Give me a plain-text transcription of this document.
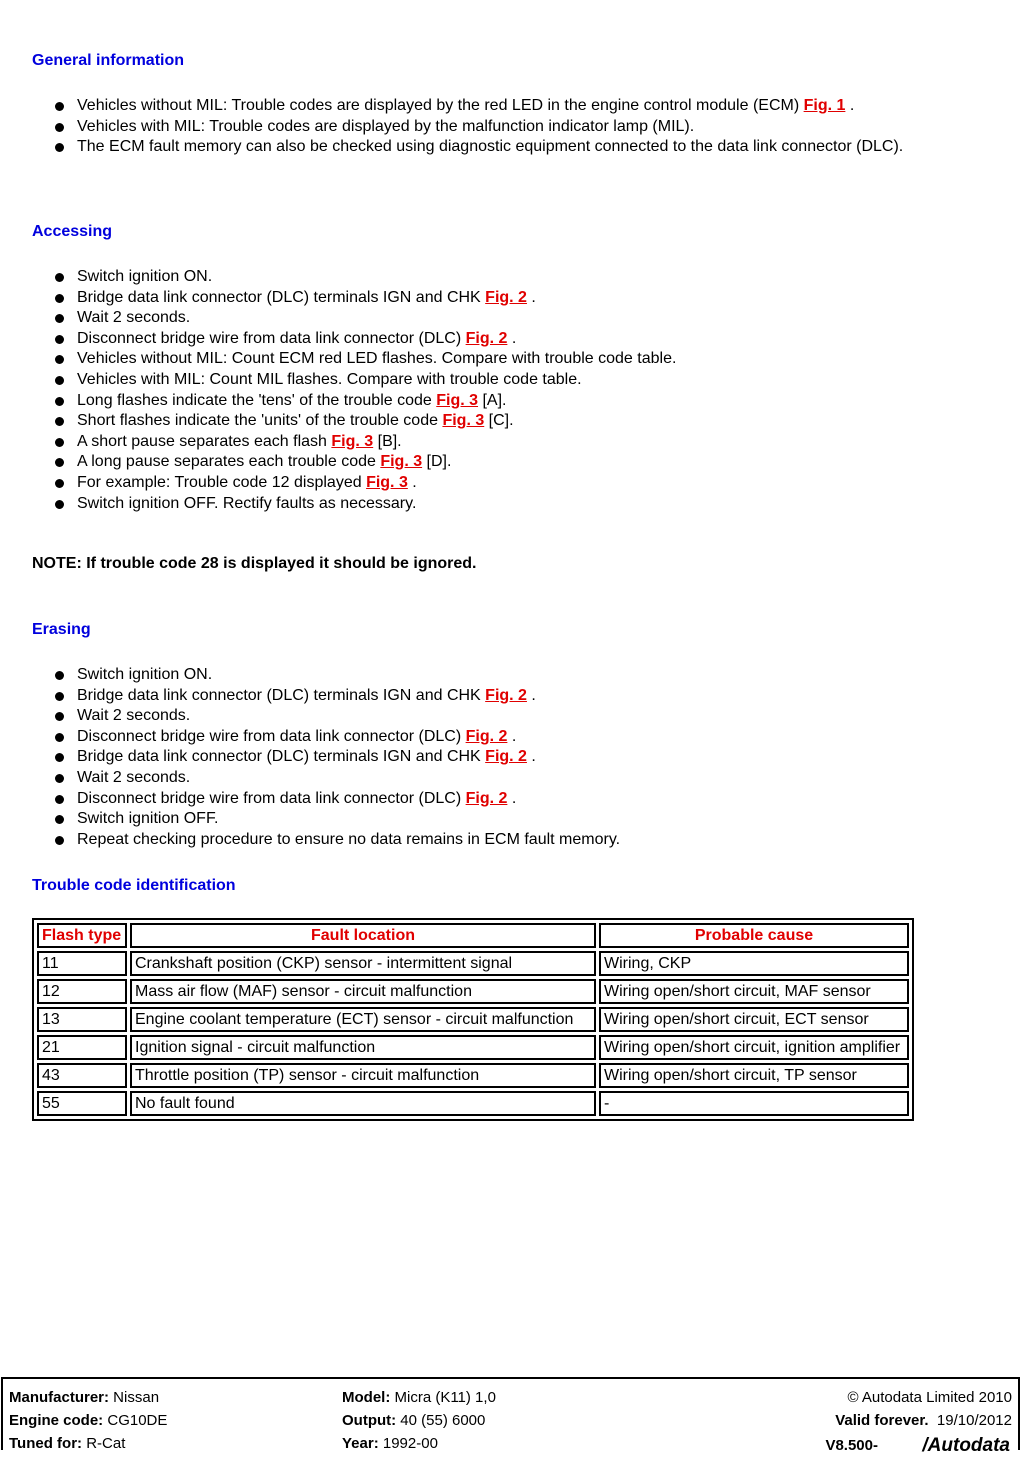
General information
Vehicles without MIL: Trouble codes are displayed by the red LED in the engine control module (ECM) Fig. 1 .
Vehicles with MIL: Trouble codes are displayed by the malfunction indicator lamp (MIL).
The ECM fault memory can also be checked using diagnostic equipment connected to the data link connector (DLC).
Accessing
Switch ignition ON.
Bridge data link connector (DLC) terminals IGN and CHK Fig. 2 .
Wait 2 seconds.
Disconnect bridge wire from data link connector (DLC) Fig. 2 .
Vehicles without MIL: Count ECM red LED flashes. Compare with trouble code table.
Vehicles with MIL: Count MIL flashes. Compare with trouble code table.
Long flashes indicate the 'tens' of the trouble code Fig. 3 [A].
Short flashes indicate the 'units' of the trouble code Fig. 3 [C].
A short pause separates each flash Fig. 3 [B].
A long pause separates each trouble code Fig. 3 [D].
For example: Trouble code 12 displayed Fig. 3 .
Switch ignition OFF. Rectify faults as necessary.
NOTE: If trouble code 28 is displayed it should be ignored.
Erasing
Switch ignition ON.
Bridge data link connector (DLC) terminals IGN and CHK Fig. 2 .
Wait 2 seconds.
Disconnect bridge wire from data link connector (DLC) Fig. 2 .
Bridge data link connector (DLC) terminals IGN and CHK Fig. 2 .
Wait 2 seconds.
Disconnect bridge wire from data link connector (DLC) Fig. 2 .
Switch ignition OFF.
Repeat checking procedure to ensure no data remains in ECM fault memory.
Trouble code identification
Flash type	Fault location	Probable cause
11	Crankshaft position (CKP) sensor - intermittent signal	Wiring, CKP
12	Mass air flow (MAF) sensor - circuit malfunction	Wiring open/short circuit, MAF sensor
13	Engine coolant temperature (ECT) sensor - circuit malfunction	Wiring open/short circuit, ECT sensor
21	Ignition signal - circuit malfunction	Wiring open/short circuit, ignition amplifier
43	Throttle position (TP) sensor - circuit malfunction	Wiring open/short circuit, TP sensor
55	No fault found	-
Manufacturer: Nissan
Engine code: CG10DE
Tuned for: R-Cat
Model: Micra (K11) 1,0
Output: 40 (55) 6000
Year: 1992-00
© Autodata Limited 2010
Valid forever. 19/10/2012
V8.500- /Autodata
